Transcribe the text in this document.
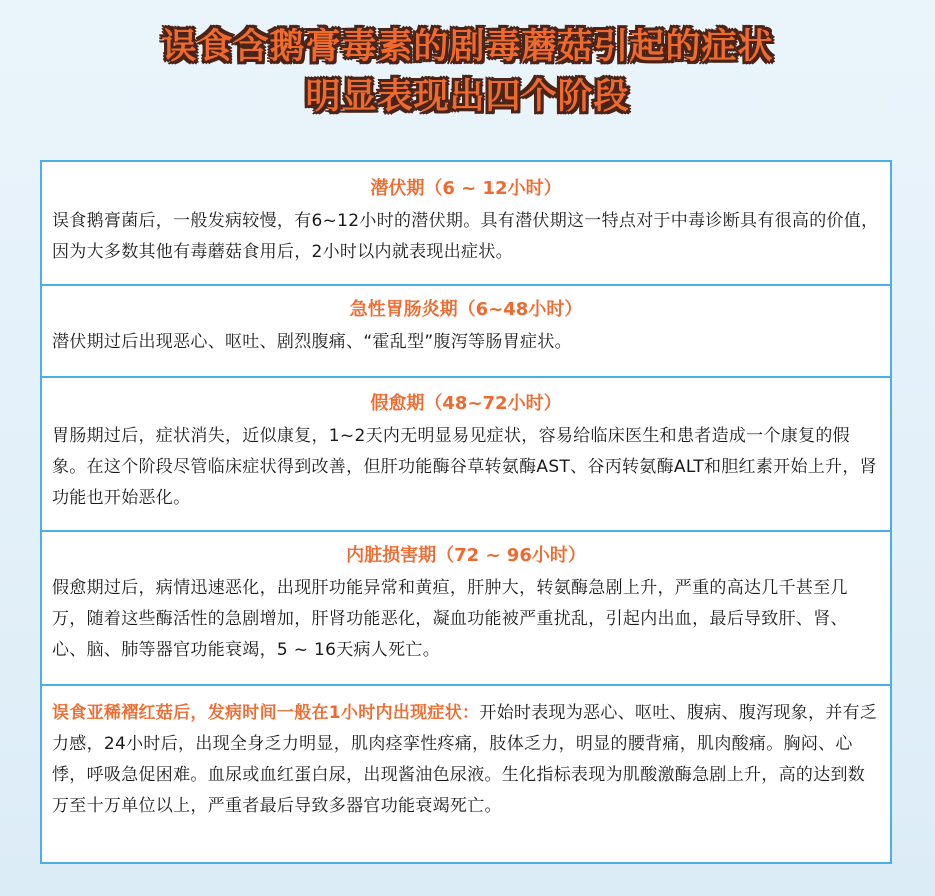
误食含鹅膏毒素的剧毒蘑菇引起的症状
明显表现出四个阶段
潜伏期（6 ~ 12小时）
误食鹅膏菌后，一般发病较慢，有6~12小时的潜伏期。具有潜伏期这一特点对于中毒诊断具有很高的价值，因为大多数其他有毒蘑菇食用后，2小时以内就表现出症状。
急性胃肠炎期（6~48小时）
潜伏期过后出现恶心、呕吐、剧烈腹痛、“霍乱型”腹泻等肠胃症状。
假愈期（48~72小时）
胃肠期过后，症状消失，近似康复，1~2天内无明显易见症状，容易给临床医生和患者造成一个康复的假象。在这个阶段尽管临床症状得到改善，但肝功能酶谷草转氨酶AST、谷丙转氨酶ALT和胆红素开始上升，肾功能也开始恶化。
内脏损害期（72 ~ 96小时）
假愈期过后，病情迅速恶化，出现肝功能异常和黄疸，肝肿大，转氨酶急剧上升，严重的高达几千甚至几万，随着这些酶活性的急剧增加，肝肾功能恶化，凝血功能被严重扰乱，引起内出血，最后导致肝、肾、心、脑、肺等器官功能衰竭，5 ~ 16天病人死亡。
误食亚稀褶红菇后，发病时间一般在1小时内出现症状：开始时表现为恶心、呕吐、腹病、腹泻现象，并有乏力感，24小时后，出现全身乏力明显，肌肉痉挛性疼痛，肢体乏力，明显的腰背痛，肌肉酸痛。胸闷、心悸，呼吸急促困难。血尿或血红蛋白尿，出现酱油色尿液。生化指标表现为肌酸激酶急剧上升，高的达到数万至十万单位以上，严重者最后导致多器官功能衰竭死亡。
